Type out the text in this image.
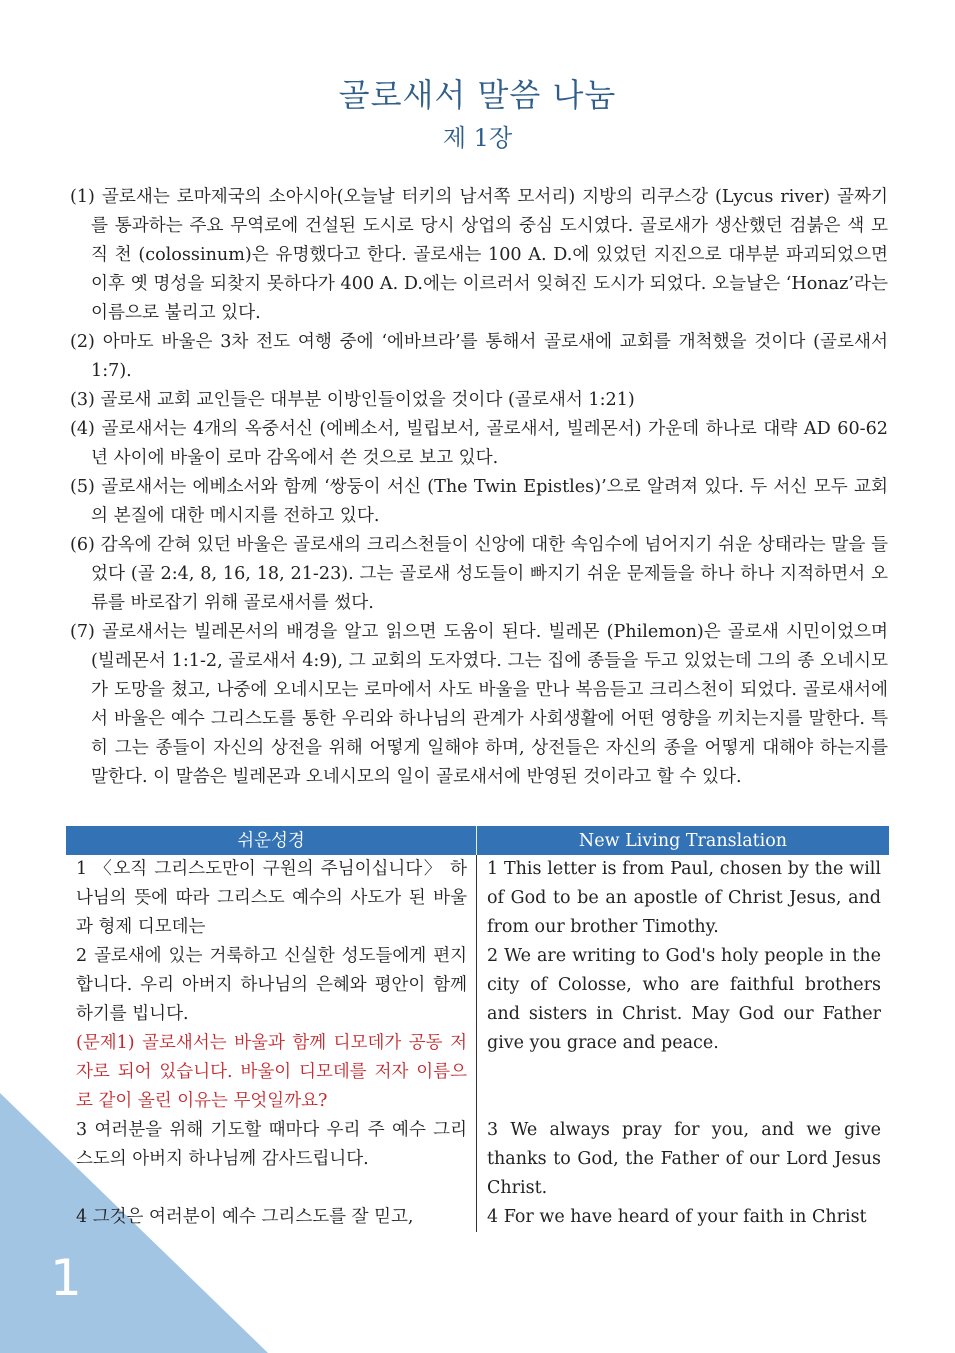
1
골로새서 말씀 나눔
제 1장
(1) 골로새는 로마제국의 소아시아(오늘날 터키의 남서쪽 모서리) 지방의 리쿠스강 (Lycus river) 골짜기를 통과하는 주요 무역로에 건설된 도시로 당시 상업의 중심 도시였다. 골로새가 생산했던 검붉은 색 모직 천 (colossinum)은 유명했다고 한다. 골로새는 100 A. D.에 있었던 지진으로 대부분 파괴되었으면 이후 옛 명성을 되찾지 못하다가 400 A. D.에는 이르러서 잊혀진 도시가 되었다. 오늘날은 ‘Honaz’라는 이름으로 불리고 있다.
(2) 아마도 바울은 3차 전도 여행 중에 ‘에바브라’를 통해서 골로새에 교회를 개척했을 것이다 (골로새서 1:7).
(3) 골로새 교회 교인들은 대부분 이방인들이었을 것이다 (골로새서 1:21)
(4) 골로새서는 4개의 옥중서신 (에베소서, 빌립보서, 골로새서, 빌레몬서) 가운데 하나로 대략 AD 60-62년 사이에 바울이 로마 감옥에서 쓴 것으로 보고 있다.
(5) 골로새서는 에베소서와 함께 ‘쌍둥이 서신 (The Twin Epistles)’으로 알려져 있다. 두 서신 모두 교회의 본질에 대한 메시지를 전하고 있다.
(6) 감옥에 갇혀 있던 바울은 골로새의 크리스천들이 신앙에 대한 속임수에 넘어지기 쉬운 상태라는 말을 들었다 (골 2:4, 8, 16, 18, 21-23). 그는 골로새 성도들이 빠지기 쉬운 문제들을 하나 하나 지적하면서 오류를 바로잡기 위해 골로새서를 썼다.
(7) 골로새서는 빌레몬서의 배경을 알고 읽으면 도움이 된다. 빌레몬 (Philemon)은 골로새 시민이었으며 (빌레몬서 1:1-2, 골로새서 4:9), 그 교회의 도자였다. 그는 집에 종들을 두고 있었는데 그의 종 오네시모가 도망을 쳤고, 나중에 오네시모는 로마에서 사도 바울을 만나 복음듣고 크리스천이 되었다. 골로새서에서 바울은 예수 그리스도를 통한 우리와 하나님의 관계가 사회생활에 어떤 영향을 끼치는지를 말한다. 특히 그는 종들이 자신의 상전을 위해 어떻게 일해야 하며, 상전들은 자신의 종을 어떻게 대해야 하는지를 말한다. 이 말씀은 빌레몬과 오네시모의 일이 골로새서에 반영된 것이라고 할 수 있다.
쉬운성경	New Living Translation
1 〈오직 그리스도만이 구원의 주님이십니다〉 하나님의 뜻에 따라 그리스도 예수의 사도가 된 바울과 형제 디모데는
2 골로새에 있는 거룩하고 신실한 성도들에게 편지합니다. 우리 아버지 하나님의 은혜와 평안이 함께하기를 빕니다.
(문제1) 골로새서는 바울과 함께 디모데가 공동 저자로 되어 있습니다. 바울이 디모데를 저자 이름으로 같이 올린 이유는 무엇일까요?
1 This letter is from Paul, chosen by the will of God to be an apostle of Christ Jesus, and from our brother Timothy.
2 We are writing to God's holy people in the city of Colosse, who are faithful brothers and sisters in Christ. May God our Father give you grace and peace.
3 여러분을 위해 기도할 때마다 우리 주 예수 그리스도의 아버지 하나님께 감사드립니다.
3 We always pray for you, and we give thanks to God, the Father of our Lord Jesus Christ.
4 그것은 여러분이 예수 그리스도를 잘 믿고,	4 For we have heard of your faith in Christ
